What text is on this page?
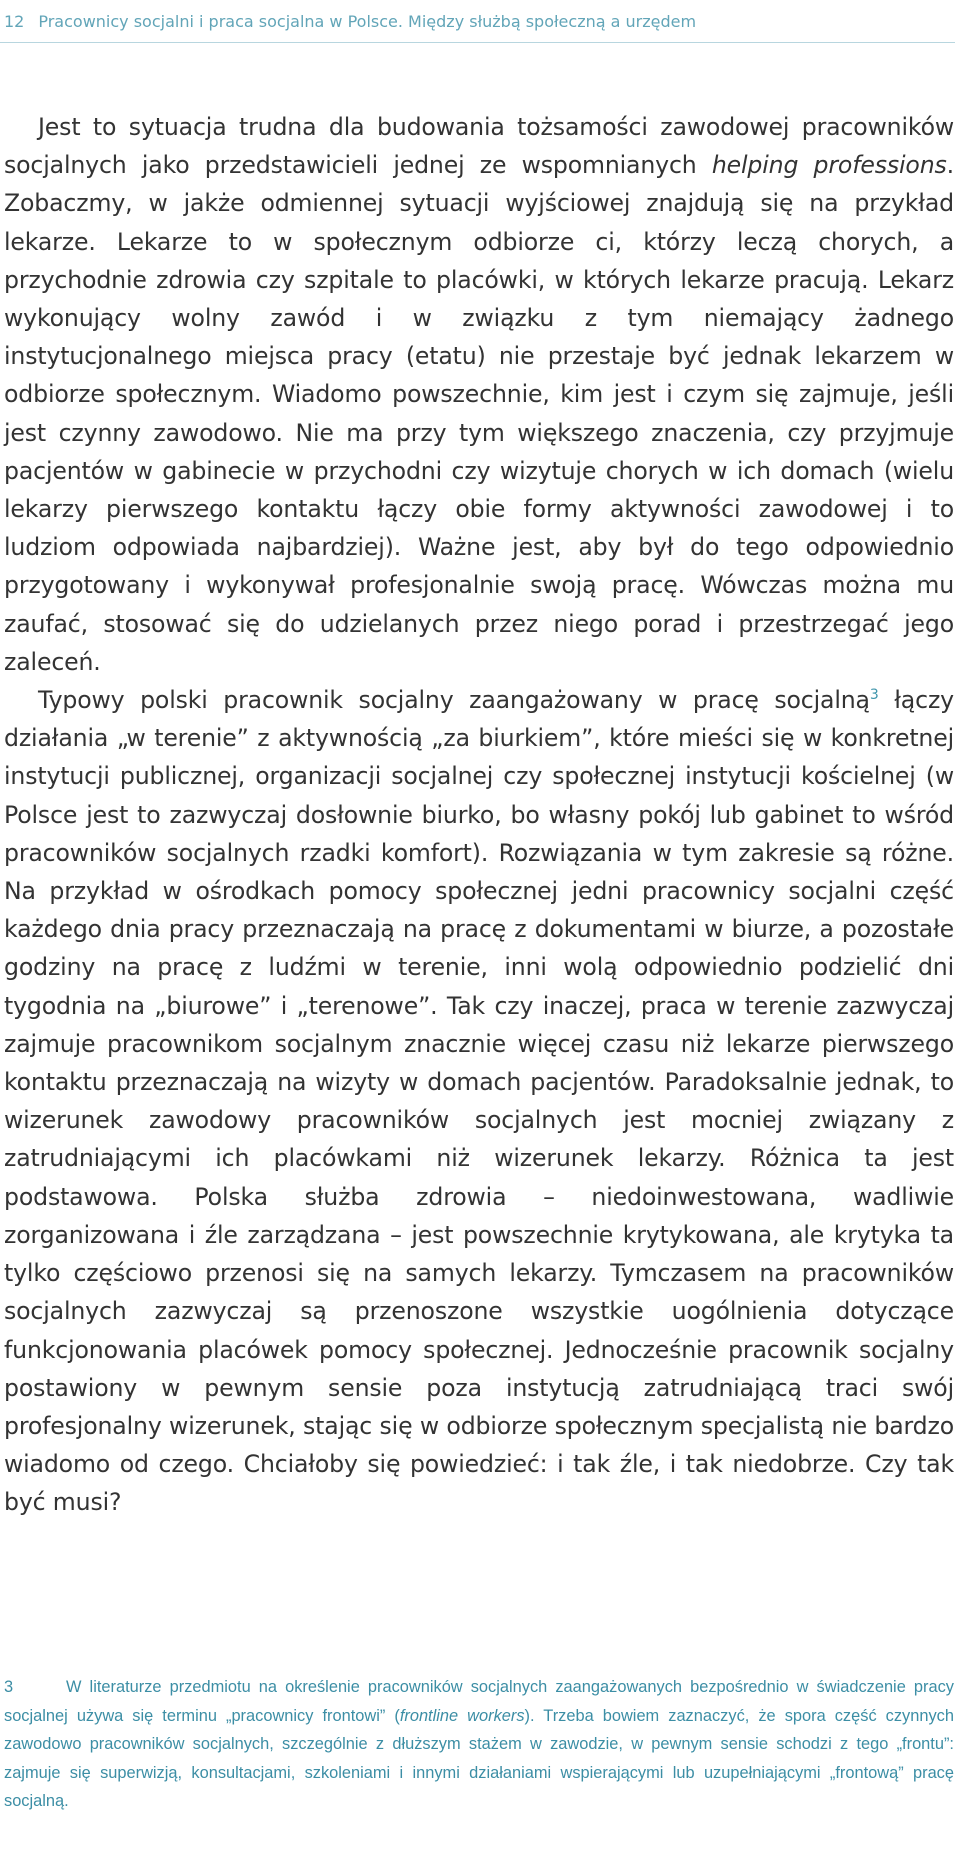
12 Pracownicy socjalni i praca socjalna w Polsce. Między służbą społeczną a urzędem

Jest to sytuacja trudna dla budowania tożsamości zawodowej pracowników socjalnych jako przedstawicieli jednej ze wspomnianych helping professions. Zobaczmy, w jakże odmiennej sytuacji wyjściowej znajdują się na przykład lekarze. Lekarze to w społecznym odbiorze ci, którzy leczą chorych, a przychodnie zdrowia czy szpitale to placówki, w których lekarze pracują. Lekarz wykonujący wolny zawód i w związku z tym niemający żadnego instytucjonalnego miejsca pracy (etatu) nie przestaje być jednak lekarzem w odbiorze społecznym. Wiadomo powszechnie, kim jest i czym się zajmuje, jeśli jest czynny zawodowo. Nie ma przy tym większego znaczenia, czy przyjmuje pacjentów w gabinecie w przychodni czy wizytuje chorych w ich domach (wielu lekarzy pierwszego kontaktu łączy obie formy aktywności zawodowej i to ludziom odpowiada najbardziej). Ważne jest, aby był do tego odpowiednio przygotowany i wykonywał profesjonalnie swoją pracę. Wówczas można mu zaufać, stosować się do udzielanych przez niego porad i przestrzegać jego zaleceń.

Typowy polski pracownik socjalny zaangażowany w pracę socjalną$^3$ łączy działania „w terenie” z aktywnością „za biurkiem”, które mieści się w konkretnej instytucji publicznej, organizacji socjalnej czy społecznej instytucji kościelnej (w Polsce jest to zazwyczaj dosłownie biurko, bo własny pokój lub gabinet to wśród pracowników socjalnych rzadki komfort). Rozwiązania w tym zakresie są różne. Na przykład w ośrodkach pomocy społecznej jedni pracownicy socjalni część każdego dnia pracy przeznaczają na pracę z dokumentami w biurze, a pozostałe godziny na pracę z ludźmi w terenie, inni wolą odpowiednio podzielić dni tygodnia na „biurowe” i „terenowe”. Tak czy inaczej, praca w terenie zazwyczaj zajmuje pracownikom socjalnym znacznie więcej czasu niż lekarze pierwszego kontaktu przeznaczają na wizyty w domach pacjentów. Paradoksalnie jednak, to wizerunek zawodowy pracowników socjalnych jest mocniej związany z zatrudniającymi ich placówkami niż wizerunek lekarzy. Różnica ta jest podstawowa. Polska służba zdrowia – niedoinwestowana, wadliwie zorganizowana i źle zarządzana – jest powszechnie krytykowana, ale krytyka ta tylko częściowo przenosi się na samych lekarzy. Tymczasem na pracowników socjalnych zazwyczaj są przenoszone wszystkie uogólnienia dotyczące funkcjonowania placówek pomocy społecznej. Jednocześnie pracownik socjalny postawiony w pewnym sensie poza instytucją zatrudniającą traci swój profesjonalny wizerunek, stając się w odbiorze społecznym specjalistą nie bardzo wiadomo od czego. Chciałoby się powiedzieć: i tak źle, i tak niedobrze. Czy tak być musi?

3	W literaturze przedmiotu na określenie pracowników socjalnych zaangażowanych bezpośrednio w świadczenie pracy socjalnej używa się terminu „pracownicy frontowi” (frontline workers). Trzeba bowiem zaznaczyć, że spora część czynnych zawodowo pracowników socjalnych, szczególnie z dłuższym stażem w zawodzie, w pewnym sensie schodzi z tego „frontu”: zajmuje się superwizją, konsultacjami, szkoleniami i innymi działaniami wspierającymi lub uzupełniającymi „frontową” pracę socjalną.
